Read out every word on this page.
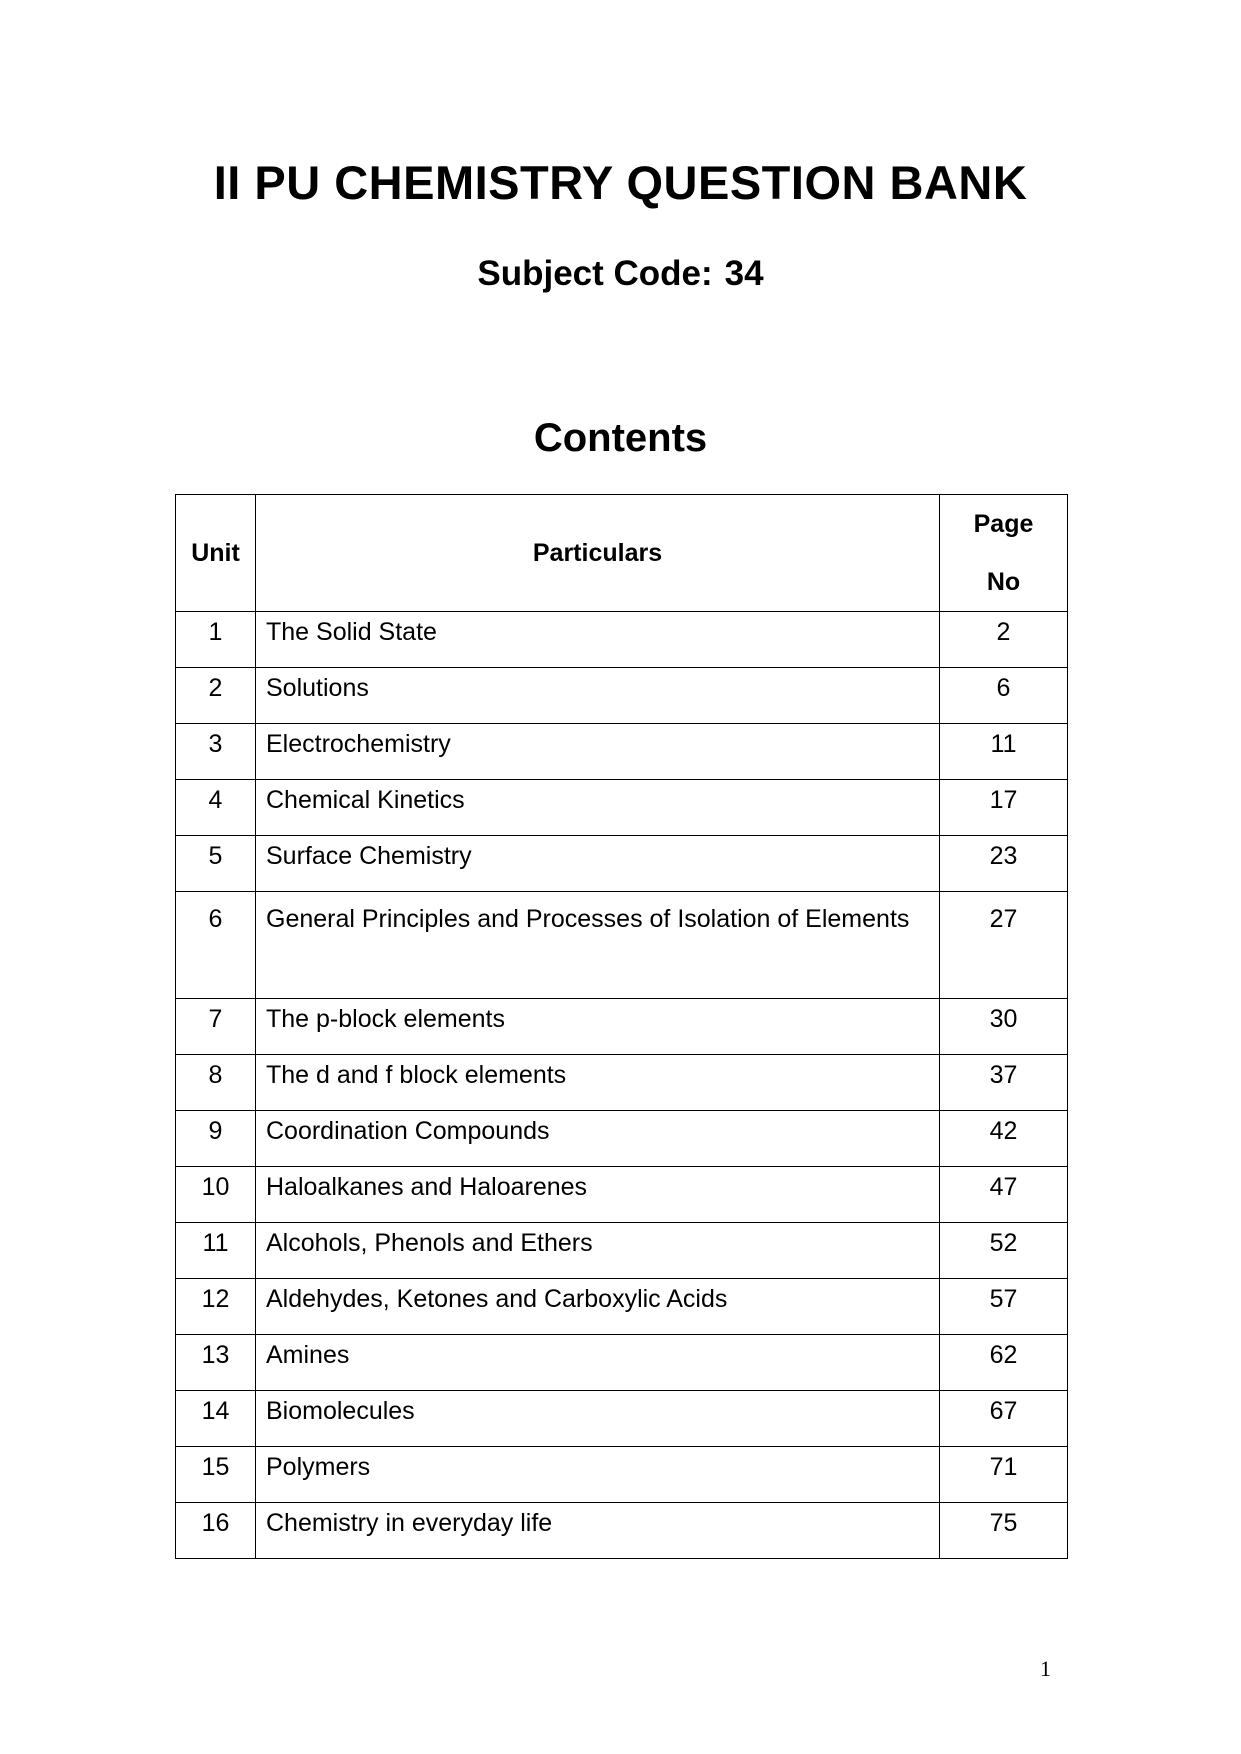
II PU CHEMISTRY QUESTION BANK
Subject Code: 34
Contents
Unit	Particulars	Page
No
1	The Solid State	2
2	Solutions	6
3	Electrochemistry	11
4	Chemical Kinetics	17
5	Surface Chemistry	23
6	General Principles and Processes of Isolation of Elements	27
7	The p-block elements	30
8	The d and f block elements	37
9	Coordination Compounds	42
10	Haloalkanes and Haloarenes	47
11	Alcohols, Phenols and Ethers	52
12	Aldehydes, Ketones and Carboxylic Acids	57
13	Amines	62
14	Biomolecules	67
15	Polymers	71
16	Chemistry in everyday life	75
1
